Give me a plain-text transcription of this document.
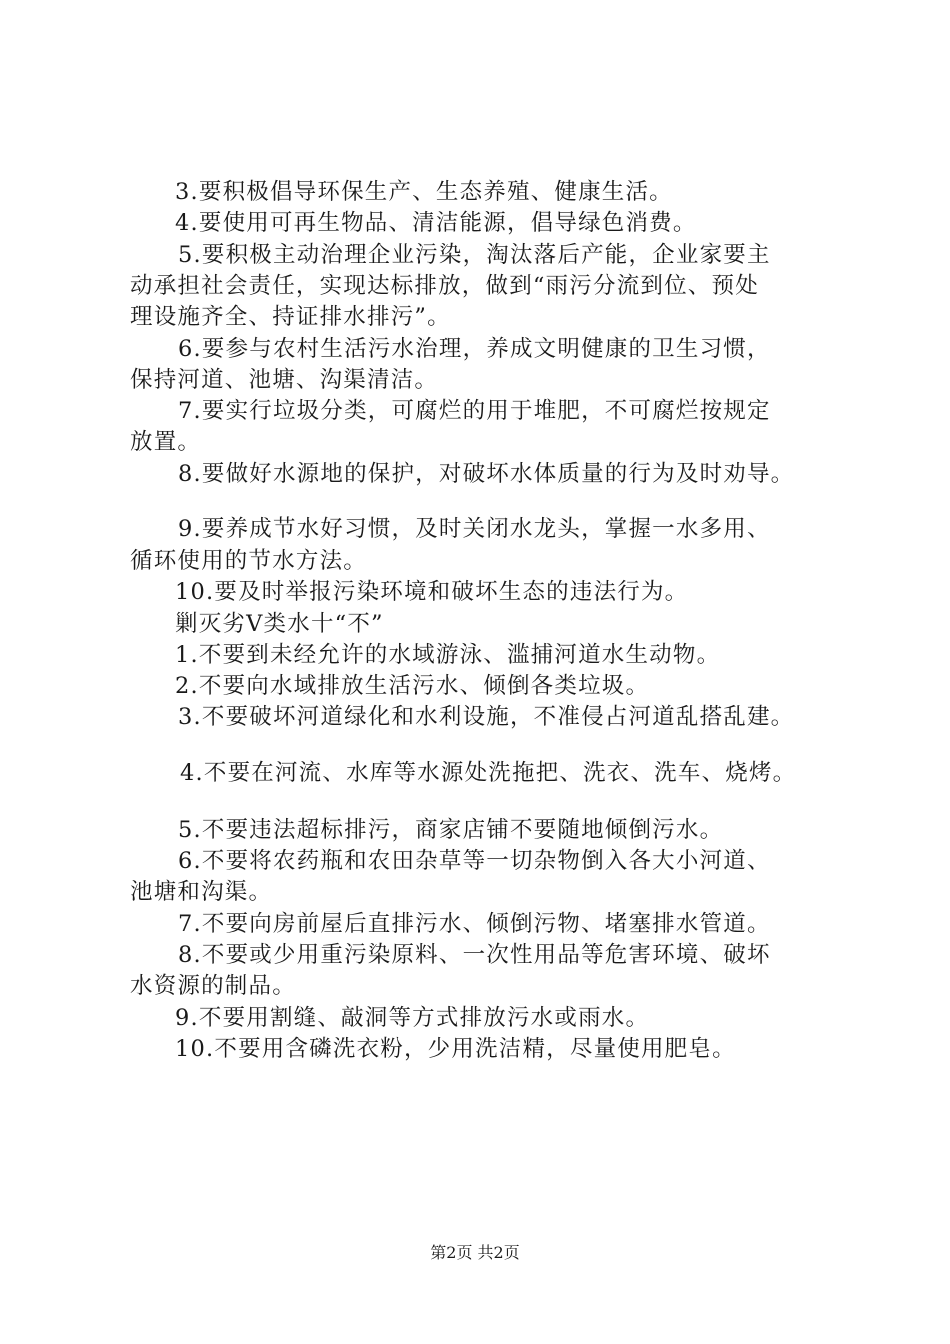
3.要积极倡导环保生产、生态养殖、健康生活。
4.要使用可再生物品、清洁能源，倡导绿色消费。
5.要积极主动治理企业污染，淘汰落后产能，企业家要主
动承担社会责任，实现达标排放，做到“雨污分流到位、预处
理设施齐全、持证排水排污”。
6.要参与农村生活污水治理，养成文明健康的卫生习惯，
保持河道、池塘、沟渠清洁。
7.要实行垃圾分类，可腐烂的用于堆肥，不可腐烂按规定
放置。
8.要做好水源地的保护，对破坏水体质量的行为及时劝导。
9.要养成节水好习惯，及时关闭水龙头，掌握一水多用、
循环使用的节水方法。
10.要及时举报污染环境和破坏生态的违法行为。
剿灭劣Ⅴ类水十“不”
1.不要到未经允许的水域游泳、滥捕河道水生动物。
2.不要向水域排放生活污水、倾倒各类垃圾。
3.不要破坏河道绿化和水利设施，不准侵占河道乱搭乱建。
4.不要在河流、水库等水源处洗拖把、洗衣、洗车、烧烤。
5.不要违法超标排污，商家店铺不要随地倾倒污水。
6.不要将农药瓶和农田杂草等一切杂物倒入各大小河道、
池塘和沟渠。
7.不要向房前屋后直排污水、倾倒污物、堵塞排水管道。
8.不要或少用重污染原料、一次性用品等危害环境、破坏
水资源的制品。
9.不要用割缝、敲洞等方式排放污水或雨水。
10.不要用含磷洗衣粉，少用洗洁精，尽量使用肥皂。
第2页 共2页
